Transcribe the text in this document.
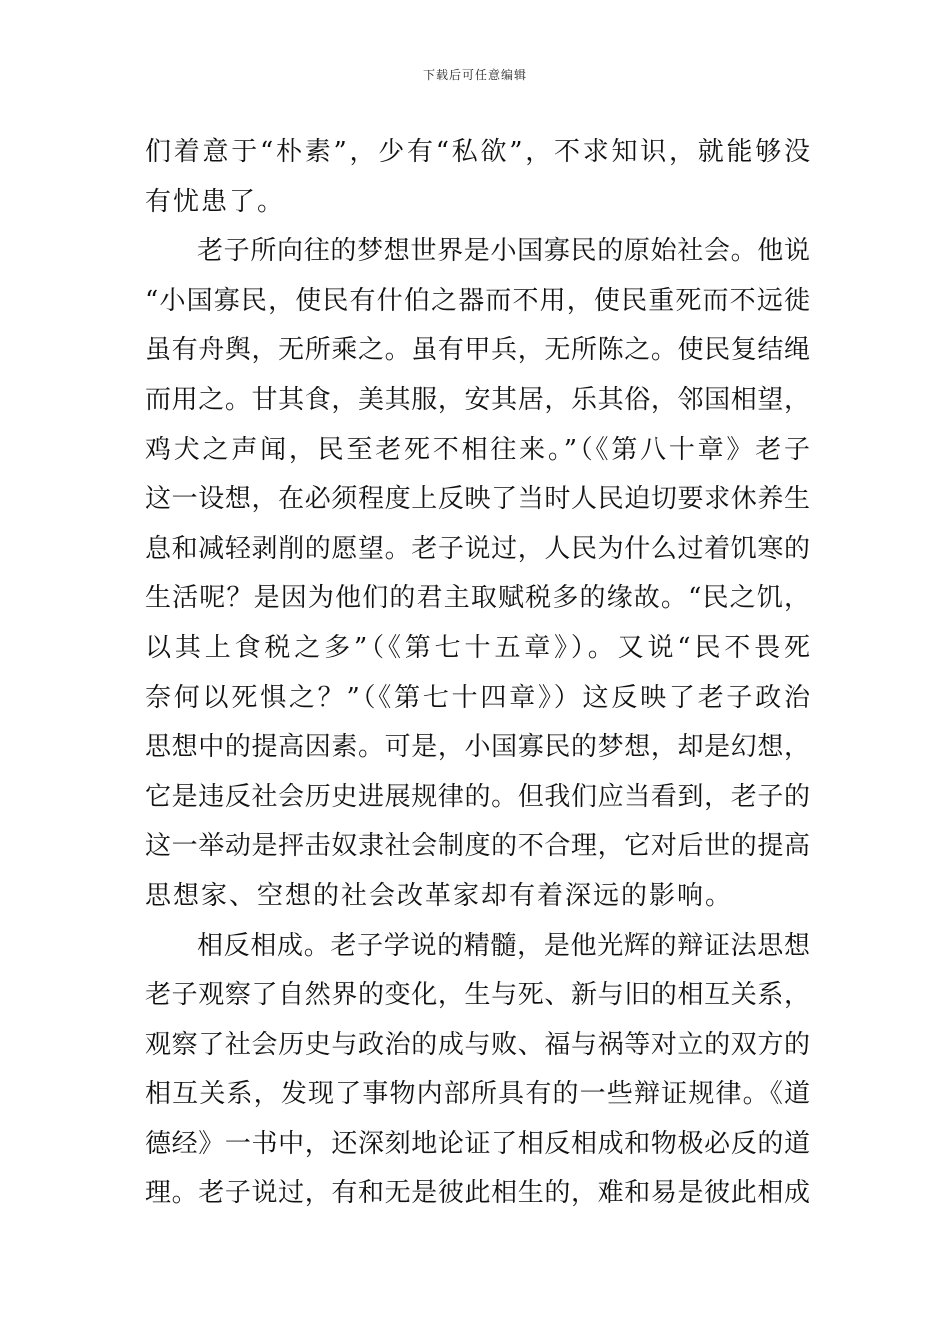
下载后可任意编辑
们着意于“朴素”，少有“私欲”，不求知识，就能够没
有忧患了。
老子所向往的梦想世界是小国寡民的原始社会。他说
“小国寡民，使民有什伯之器而不用，使民重死而不远徙
虽有舟舆，无所乘之。虽有甲兵，无所陈之。使民复结绳
而用之。甘其食，美其服，安其居，乐其俗，邻国相望，
鸡犬之声闻，民至老死不相往来。”（《第八十章》老子
这一设想，在必须程度上反映了当时人民迫切要求休养生
息和减轻剥削的愿望。老子说过，人民为什么过着饥寒的
生活呢？是因为他们的君主取赋税多的缘故。“民之饥，
以其上食税之多”（《第七十五章》）。又说“民不畏死
奈何以死惧之？”（《第七十四章》）这反映了老子政治
思想中的提高因素。可是，小国寡民的梦想，却是幻想，
它是违反社会历史进展规律的。但我们应当看到，老子的
这一举动是抨击奴隶社会制度的不合理，它对后世的提高
思想家、空想的社会改革家却有着深远的影响。
相反相成。老子学说的精髓，是他光辉的辩证法思想
老子观察了自然界的变化，生与死、新与旧的相互关系，
观察了社会历史与政治的成与败、福与祸等对立的双方的
相互关系，发现了事物内部所具有的一些辩证规律。《道
德经》一书中，还深刻地论证了相反相成和物极必反的道
理。老子说过，有和无是彼此相生的，难和易是彼此相成
